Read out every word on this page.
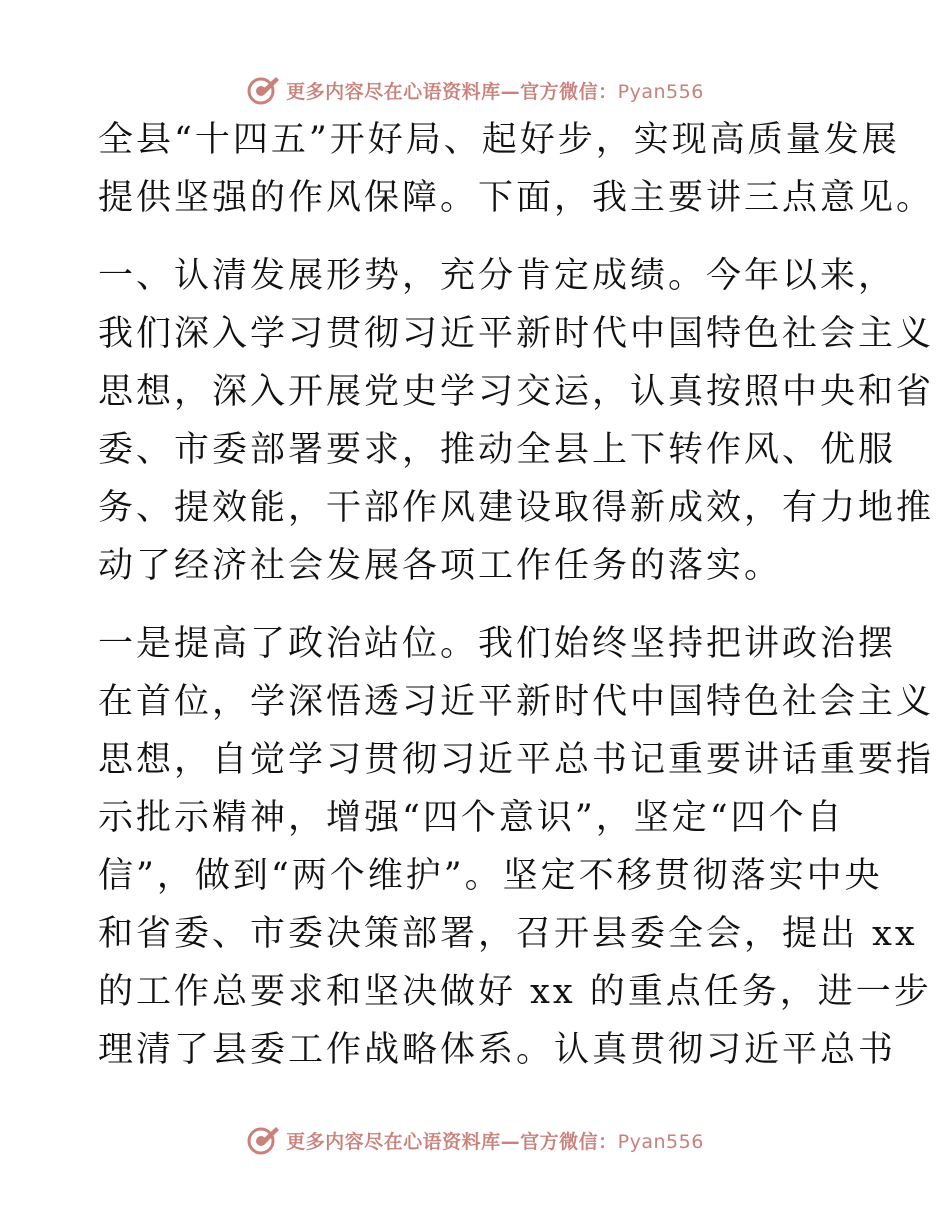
更多内容尽在心语资料库—官方微信：Pyan556
全县“十四五”开好局、起好步，实现高质量发展
提供坚强的作风保障。下面，我主要讲三点意见。
一、认清发展形势，充分肯定成绩。今年以来，
我们深入学习贯彻习近平新时代中国特色社会主义
思想，深入开展党史学习交运，认真按照中央和省
委、市委部署要求，推动全县上下转作风、优服
务、提效能，干部作风建设取得新成效，有力地推
动了经济社会发展各项工作任务的落实。
一是提高了政治站位。我们始终坚持把讲政治摆
在首位，学深悟透习近平新时代中国特色社会主义
思想，自觉学习贯彻习近平总书记重要讲话重要指
示批示精神，增强“四个意识”，坚定“四个自
信”，做到“两个维护”。坚定不移贯彻落实中央
和省委、市委决策部署，召开县委全会，提出 xx
的工作总要求和坚决做好 xx 的重点任务，进一步
理清了县委工作战略体系。认真贯彻习近平总书
更多内容尽在心语资料库—官方微信：Pyan556
